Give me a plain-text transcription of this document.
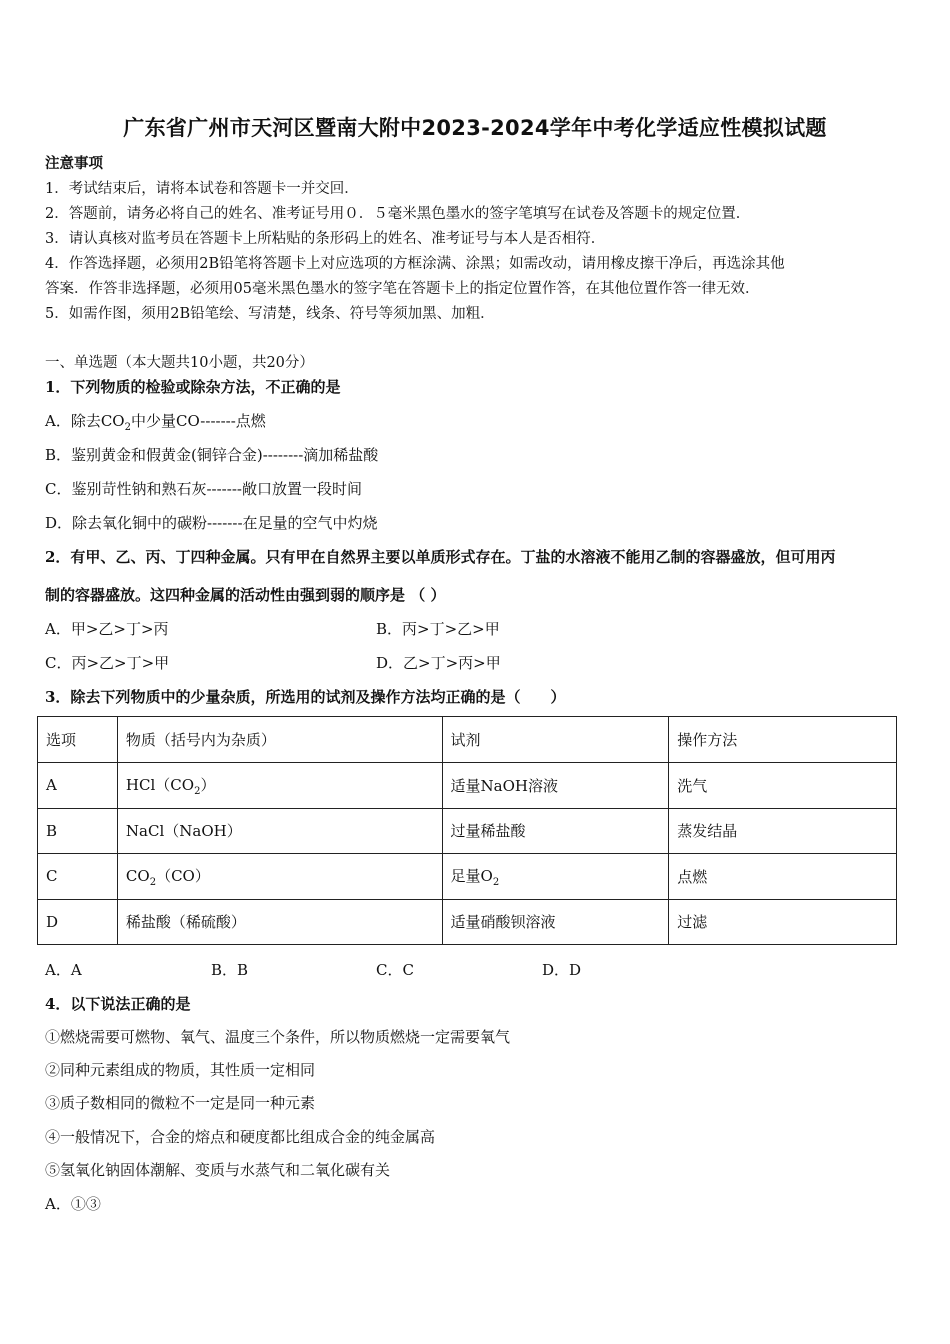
广东省广州市天河区暨南大附中2023-2024学年中考化学适应性模拟试题
注意事项
1．考试结束后，请将本试卷和答题卡一并交回．
2．答题前，请务必将自己的姓名、准考证号用０．５毫米黑色墨水的签字笔填写在试卷及答题卡的规定位置．
3．请认真核对监考员在答题卡上所粘贴的条形码上的姓名、准考证号与本人是否相符．
4．作答选择题，必须用2B铅笔将答题卡上对应选项的方框涂满、涂黑；如需改动，请用橡皮擦干净后，再选涂其他
答案．作答非选择题，必须用05毫米黑色墨水的签字笔在答题卡上的指定位置作答，在其他位置作答一律无效．
5．如需作图，须用2B铅笔绘、写清楚，线条、符号等须加黑、加粗．
一、单选题（本大题共10小题，共20分）
1．下列物质的检验或除杂方法，不正确的是
A．除去$CO_2$中少量CO-------点燃
B．鉴别黄金和假黄金(铜锌合金)--------滴加稀盐酸
C．鉴别苛性钠和熟石灰-------敞口放置一段时间
D．除去氧化铜中的碳粉-------在足量的空气中灼烧
2．有甲、乙、丙、丁四种金属。只有甲在自然界主要以单质形式存在。丁盐的水溶液不能用乙制的容器盛放，但可用丙
制的容器盛放。这四种金属的活动性由强到弱的顺序是 （ ）
A．甲>乙>丁>丙	B．丙>丁>乙>甲
C．丙>乙>丁>甲	D．乙>丁>丙>甲
3．除去下列物质中的少量杂质，所选用的试剂及操作方法均正确的是（　　）
选项	物质（括号内为杂质）	试剂	操作方法
A	$HCl(CO_2)$	适量NaOH溶液	洗气
B	NaCl（NaOH）	过量稀盐酸	蒸发结晶
C	$CO_2(CO)$	足量$O_2$	点燃
D	稀盐酸（稀硫酸）	适量硝酸钡溶液	过滤
A．A	B．B	C．C	D．D
4．以下说法正确的是
①燃烧需要可燃物、氧气、温度三个条件，所以物质燃烧一定需要氧气
②同种元素组成的物质，其性质一定相同
③质子数相同的微粒不一定是同一种元素
④一般情况下，合金的熔点和硬度都比组成合金的纯金属高
⑤氢氧化钠固体潮解、变质与水蒸气和二氧化碳有关
A．①③
